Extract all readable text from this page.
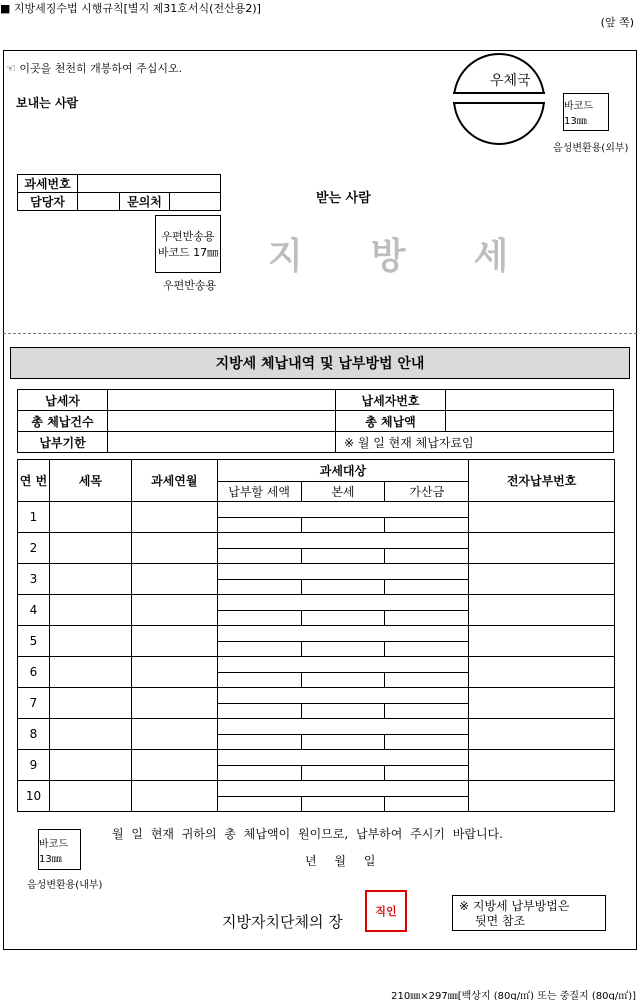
■ 지방세징수법 시행규칙[별지 제31호서식(전산용2)]
(앞 쪽)
☜ 이곳을 천천히 개봉하여 주십시오.
보내는 사람
우체국
바코드 13㎜
음성변환용(외부)
과세번호			
담당자		문의처		받는 사람
우편반송용
바코드 17㎜
우편반송용
지방세
지방세 체납내역 및 납부방법 안내
납세자		납세자번호	
총 체납건수		총 체납액	
납부기한		※ 월 일 현재 체납자료임	
연 번	세목	과세연월	과세대상			전자납부번호
			납부할 세액	본세	가산금	
1						

2						

3						

4						

5						

6						

7						

8						

9						

10						

바코드 13㎜
음성변환용(내부)
월 일 현재 귀하의 총 체납액이 원이므로, 납부하여 주시기 바랍니다.
년 월 일
지방자치단체의 장
직인	※ 지방세 납부방법은
뒷면 참조
210㎜×297㎜[백상지 (80g/㎡) 또는 중질지 (80g/㎡)]
